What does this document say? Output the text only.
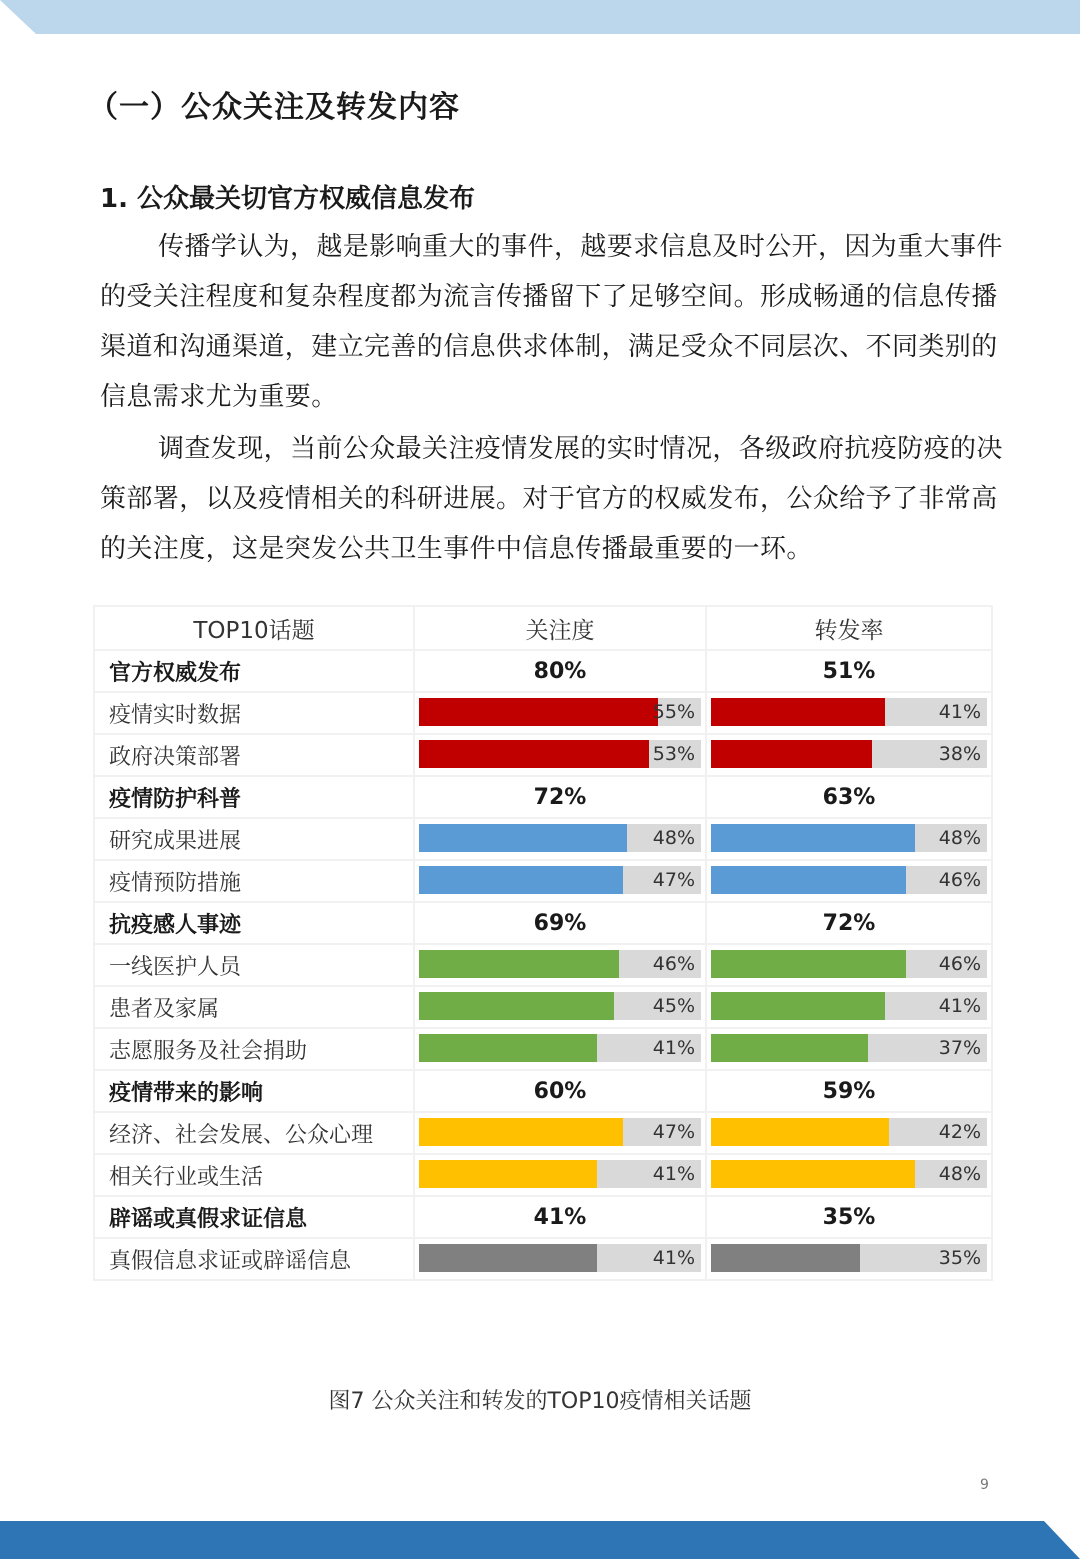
（一）公众关注及转发内容
1. 公众最关切官方权威信息发布

传播学认为，越是影响重大的事件，越要求信息及时公开，因为重大事件的受关注程度和复杂程度都为流言传播留下了足够空间。形成畅通的信息传播渠道和沟通渠道，建立完善的信息供求体制，满足受众不同层次、不同类别的信息需求尤为重要。

调查发现，当前公众最关注疫情发展的实时情况，各级政府抗疫防疫的决策部署，以及疫情相关的科研进展。对于官方的权威发布，公众给予了非常高的关注度，这是突发公共卫生事件中信息传播最重要的一环。

TOP10话题	关注度	转发率
官方权威发布	80%	51%
疫情实时数据	55%	41%

政府决策部署	53%	38%

疫情防护科普	72%	63%
研究成果进展	48%	48%

疫情预防措施	47%	46%

抗疫感人事迹	69%	72%
一线医护人员	46%	46%

患者及家属	45%	41%

志愿服务及社会捐助	41%	37%

疫情带来的影响	60%	59%
经济、社会发展、公众心理	47%	42%

相关行业或生活	41%	48%

辟谣或真假求证信息	41%	35%
真假信息求证或辟谣信息	41%	35%
图7 公众关注和转发的TOP10疫情相关话题
9
